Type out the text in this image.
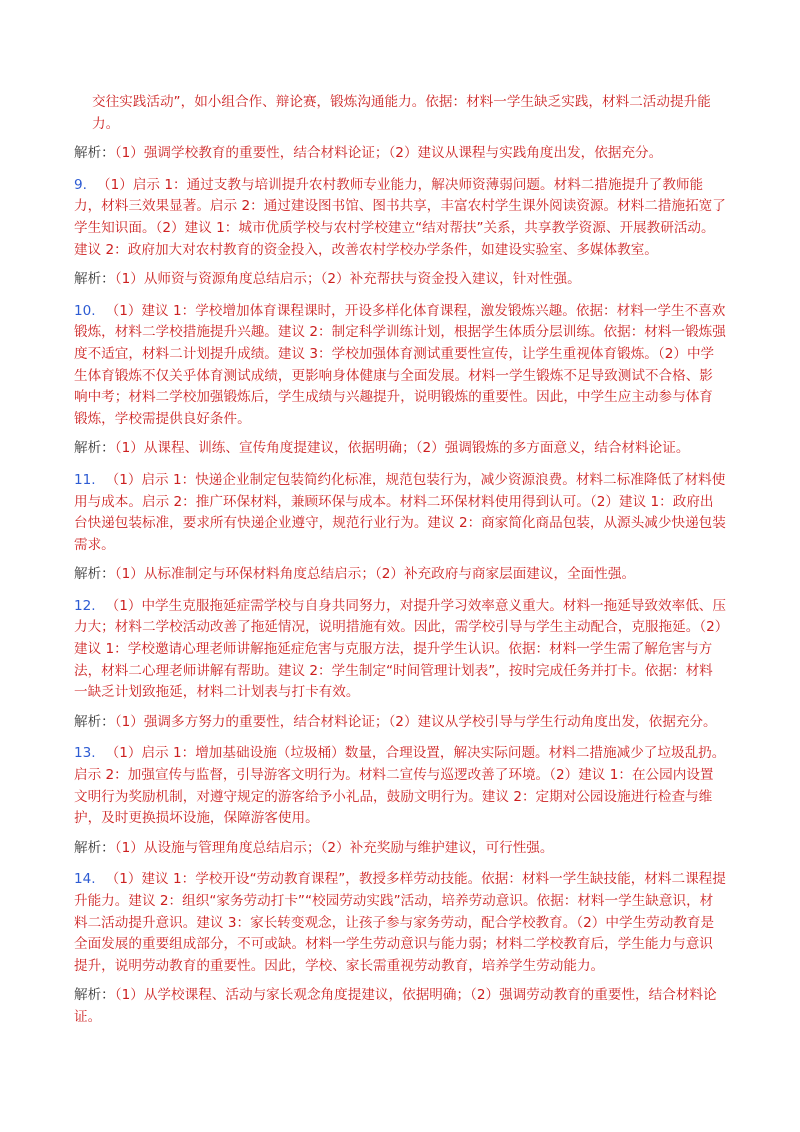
交往实践活动”，如小组合作、辩论赛，锻炼沟通能力。依据：材料一学生缺乏实践，材料二活动提升能力。

解析：（1）强调学校教育的重要性，结合材料论证；（2）建议从课程与实践角度出发，依据充分。

9. （1）启示 1：通过支教与培训提升农村教师专业能力，解决师资薄弱问题。材料二措施提升了教师能力，材料三效果显著。启示 2：通过建设图书馆、图书共享，丰富农村学生课外阅读资源。材料二措施拓宽了学生知识面。（2）建议 1：城市优质学校与农村学校建立“结对帮扶”关系，共享教学资源、开展教研活动。建议 2：政府加大对农村教育的资金投入，改善农村学校办学条件，如建设实验室、多媒体教室。

解析：（1）从师资与资源角度总结启示；（2）补充帮扶与资金投入建议，针对性强。

10. （1）建议 1：学校增加体育课程课时，开设多样化体育课程，激发锻炼兴趣。依据：材料一学生不喜欢锻炼，材料二学校措施提升兴趣。建议 2：制定科学训练计划，根据学生体质分层训练。依据：材料一锻炼强度不适宜，材料二计划提升成绩。建议 3：学校加强体育测试重要性宣传，让学生重视体育锻炼。（2）中学生体育锻炼不仅关乎体育测试成绩，更影响身体健康与全面发展。材料一学生锻炼不足导致测试不合格、影响中考；材料二学校加强锻炼后，学生成绩与兴趣提升，说明锻炼的重要性。因此，中学生应主动参与体育锻炼，学校需提供良好条件。

解析：（1）从课程、训练、宣传角度提建议，依据明确；（2）强调锻炼的多方面意义，结合材料论证。

11. （1）启示 1：快递企业制定包装简约化标准，规范包装行为，减少资源浪费。材料二标准降低了材料使用与成本。启示 2：推广环保材料，兼顾环保与成本。材料二环保材料使用得到认可。（2）建议 1：政府出台快递包装标准，要求所有快递企业遵守，规范行业行为。建议 2：商家简化商品包装，从源头减少快递包装需求。

解析：（1）从标准制定与环保材料角度总结启示；（2）补充政府与商家层面建议，全面性强。

12. （1）中学生克服拖延症需学校与自身共同努力，对提升学习效率意义重大。材料一拖延导致效率低、压力大；材料二学校活动改善了拖延情况，说明措施有效。因此，需学校引导与学生主动配合，克服拖延。（2）建议 1：学校邀请心理老师讲解拖延症危害与克服方法，提升学生认识。依据：材料一学生需了解危害与方法，材料二心理老师讲解有帮助。建议 2：学生制定“时间管理计划表”，按时完成任务并打卡。依据：材料一缺乏计划致拖延，材料二计划表与打卡有效。

解析：（1）强调多方努力的重要性，结合材料论证；（2）建议从学校引导与学生行动角度出发，依据充分。

13. （1）启示 1：增加基础设施（垃圾桶）数量，合理设置，解决实际问题。材料二措施减少了垃圾乱扔。启示 2：加强宣传与监督，引导游客文明行为。材料二宣传与巡逻改善了环境。（2）建议 1：在公园内设置文明行为奖励机制，对遵守规定的游客给予小礼品，鼓励文明行为。建议 2：定期对公园设施进行检查与维护，及时更换损坏设施，保障游客使用。

解析：（1）从设施与管理角度总结启示；（2）补充奖励与维护建议，可行性强。

14. （1）建议 1：学校开设“劳动教育课程”，教授多样劳动技能。依据：材料一学生缺技能，材料二课程提升能力。建议 2：组织“家务劳动打卡”“校园劳动实践”活动，培养劳动意识。依据：材料一学生缺意识，材料二活动提升意识。建议 3：家长转变观念，让孩子参与家务劳动，配合学校教育。（2）中学生劳动教育是全面发展的重要组成部分，不可或缺。材料一学生劳动意识与能力弱；材料二学校教育后，学生能力与意识提升，说明劳动教育的重要性。因此，学校、家长需重视劳动教育，培养学生劳动能力。

解析：（1）从学校课程、活动与家长观念角度提建议，依据明确；（2）强调劳动教育的重要性，结合材料论证。
